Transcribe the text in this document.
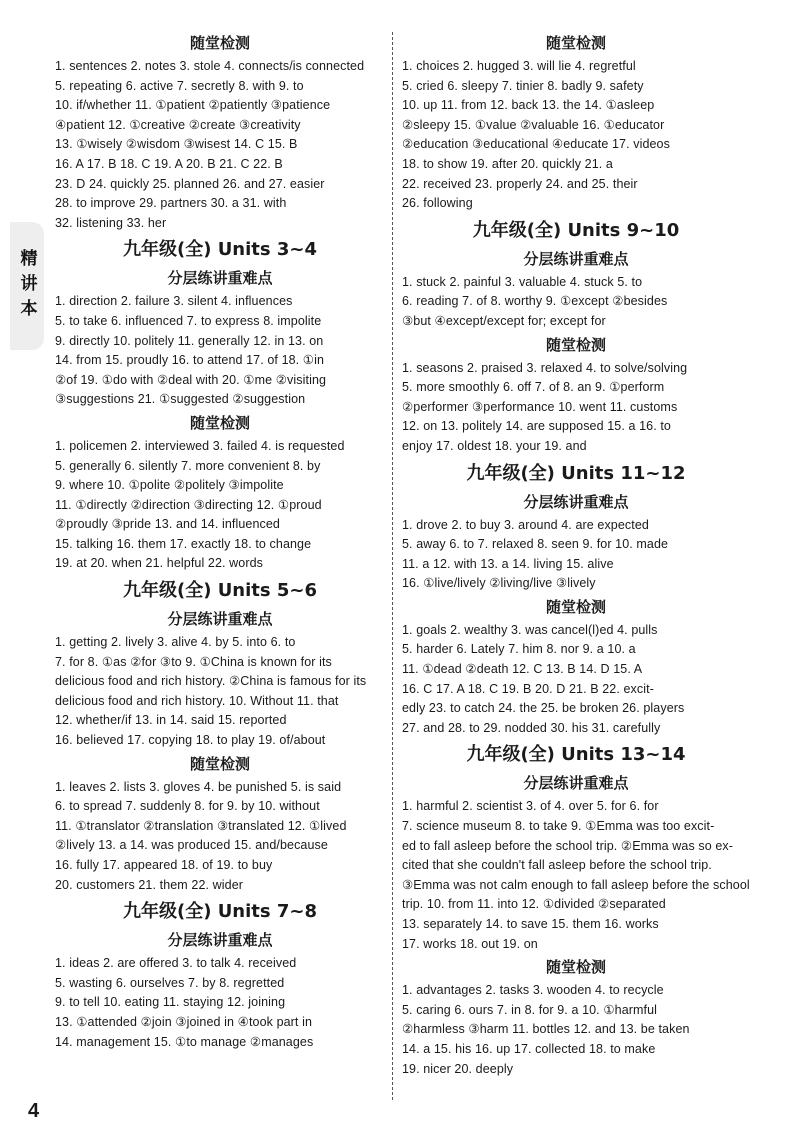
精讲本
随堂检测
1. sentences 2. notes 3. stole 4. connects/is connected
5. repeating 6. active 7. secretly 8. with 9. to
10. if/whether 11. ①patient ②patiently ③patience
④patient 12. ①creative ②create ③creativity
13. ①wisely ②wisdom ③wisest 14. C 15. B
16. A 17. B 18. C 19. A 20. B 21. C 22. B
23. D 24. quickly 25. planned 26. and 27. easier
28. to improve 29. partners 30. a 31. with
32. listening 33. her
九年级(全) Units 3~4
分层练讲重难点
1. direction 2. failure 3. silent 4. influences
5. to take 6. influenced 7. to express 8. impolite
9. directly 10. politely 11. generally 12. in 13. on
14. from 15. proudly 16. to attend 17. of 18. ①in
②of 19. ①do with ②deal with 20. ①me ②visiting
③suggestions 21. ①suggested ②suggestion
随堂检测
1. policemen 2. interviewed 3. failed 4. is requested
5. generally 6. silently 7. more convenient 8. by
9. where 10. ①polite ②politely ③impolite
11. ①directly ②direction ③directing 12. ①proud
②proudly ③pride 13. and 14. influenced
15. talking 16. them 17. exactly 18. to change
19. at 20. when 21. helpful 22. words
九年级(全) Units 5~6
分层练讲重难点
1. getting 2. lively 3. alive 4. by 5. into 6. to
7. for 8. ①as ②for ③to 9. ①China is known for its
delicious food and rich history. ②China is famous for its
delicious food and rich history. 10. Without 11. that
12. whether/if 13. in 14. said 15. reported
16. believed 17. copying 18. to play 19. of/about
随堂检测
1. leaves 2. lists 3. gloves 4. be punished 5. is said
6. to spread 7. suddenly 8. for 9. by 10. without
11. ①translator ②translation ③translated 12. ①lived
②lively 13. a 14. was produced 15. and/because
16. fully 17. appeared 18. of 19. to buy
20. customers 21. them 22. wider
九年级(全) Units 7~8
分层练讲重难点
1. ideas 2. are offered 3. to talk 4. received
5. wasting 6. ourselves 7. by 8. regretted
9. to tell 10. eating 11. staying 12. joining
13. ①attended ②join ③joined in ④took part in
14. management 15. ①to manage ②manages
随堂检测
1. choices 2. hugged 3. will lie 4. regretful
5. cried 6. sleepy 7. tinier 8. badly 9. safety
10. up 11. from 12. back 13. the 14. ①asleep
②sleepy 15. ①value ②valuable 16. ①educator
②education ③educational ④educate 17. videos
18. to show 19. after 20. quickly 21. a
22. received 23. properly 24. and 25. their
26. following
九年级(全) Units 9~10
分层练讲重难点
1. stuck 2. painful 3. valuable 4. stuck 5. to
6. reading 7. of 8. worthy 9. ①except ②besides
③but ④except/except for; except for
随堂检测
1. seasons 2. praised 3. relaxed 4. to solve/solving
5. more smoothly 6. off 7. of 8. an 9. ①perform
②performer ③performance 10. went 11. customs
12. on 13. politely 14. are supposed 15. a 16. to
enjoy 17. oldest 18. your 19. and
九年级(全) Units 11~12
分层练讲重难点
1. drove 2. to buy 3. around 4. are expected
5. away 6. to 7. relaxed 8. seen 9. for 10. made
11. a 12. with 13. a 14. living 15. alive
16. ①live/lively ②living/live ③lively
随堂检测
1. goals 2. wealthy 3. was cancel(l)ed 4. pulls
5. harder 6. Lately 7. him 8. nor 9. a 10. a
11. ①dead ②death 12. C 13. B 14. D 15. A
16. C 17. A 18. C 19. B 20. D 21. B 22. excit-
edly 23. to catch 24. the 25. be broken 26. players
27. and 28. to 29. nodded 30. his 31. carefully
九年级(全) Units 13~14
分层练讲重难点
1. harmful 2. scientist 3. of 4. over 5. for 6. for
7. science museum 8. to take 9. ①Emma was too excit-
ed to fall asleep before the school trip. ②Emma was so ex-
cited that she couldn't fall asleep before the school trip.
③Emma was not calm enough to fall asleep before the school
trip. 10. from 11. into 12. ①divided ②separated
13. separately 14. to save 15. them 16. works
17. works 18. out 19. on
随堂检测
1. advantages 2. tasks 3. wooden 4. to recycle
5. caring 6. ours 7. in 8. for 9. a 10. ①harmful
②harmless ③harm 11. bottles 12. and 13. be taken
14. a 15. his 16. up 17. collected 18. to make
19. nicer 20. deeply
4
